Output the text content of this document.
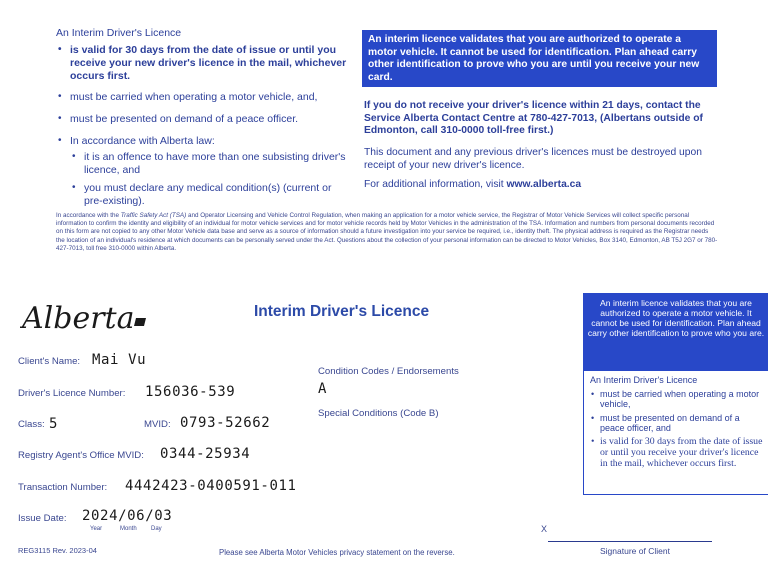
An Interim Driver's Licence
• is valid for 30 days from the date of issue or until you receive your new driver's licence in the mail, whichever occurs first.
• must be carried when operating a motor vehicle, and,
• must be presented on demand of a peace officer.
• In accordance with Alberta law:
• it is an offence to have more than one subsisting driver's licence, and
• you must declare any medical condition(s) (current or pre-existing).
An interim licence validates that you are authorized to operate a motor vehicle. It cannot be used for identification. Plan ahead carry other identification to prove who you are until you receive your new card.
If you do not receive your driver's licence within 21 days, contact the Service Alberta Contact Centre at 780-427-7013, (Albertans outside of Edmonton, call 310-0000 toll-free first.)
This document and any previous driver's licences must be destroyed upon receipt of your new driver's licence.
For additional information, visit www.alberta.ca
In accordance with the Traffic Safety Act (TSA) and Operator Licensing and Vehicle Control Regulation, when making an application for a motor vehicle service, the Registrar of Motor Vehicle Services will collect specific personal information to confirm the identity and eligibility of an individual for motor vehicle services and for motor vehicle records held by Motor Vehicles in the administration of the TSA. Information and numbers from personal documents recorded on this form are not copied to any other Motor Vehicle data base and serve as a source of information should a future investigation into your service be required, i.e., identity theft. The physical address is required as the Registrar needs the location of an individual's residence at which documents can be personally served under the Act. Questions about the collection of your personal information can be directed to Motor Vehicles, Box 3140, Edmonton, AB T5J 2G7 or 780-427-7013, toll free 310-0000 within Alberta.
Alberta	Interim Driver's Licence
Client's Name: Mai Vu
Driver's Licence Number: 156036-539
Class: 5	MVID: 0793-52662
Registry Agent's Office MVID: 0344-25934
Transaction Number: 4442423-0400591-011
Issue Date: 2024/06/03
Year	Month Day
Condition Codes / Endorsements
A
Special Conditions (Code B)
REG3115 Rev. 2023-04	Please see Alberta Motor Vehicles privacy statement on the reverse.
X
Signature of Client
An interim licence validates that you are authorized to operate a motor vehicle. It cannot be used for identification. Plan ahead carry other identification to prove who you are.
An Interim Driver's Licence
• must be carried when operating a motor vehicle,
• must be presented on demand of a peace officer, and
• is valid for 30 days from the date of issue or until you receive your driver's licence in the mail, whichever occurs first.
